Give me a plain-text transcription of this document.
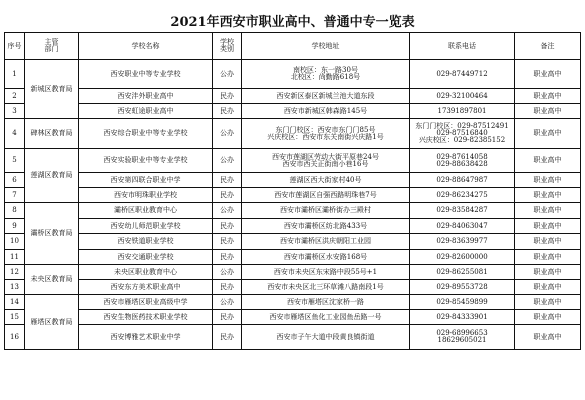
2021年西安市职业高中、普通中专一览表
序号	主管
部门	学校名称	学校
类别	学校地址	联系电话	备注
1	新城区教育局	西安职业中等专业学校	公办	南校区：东一路30号
北校区：尚勤路618号	029-87449712	职业高中
2		西安沣外职业高中	民办	西安新区泰区新城兰池大道东段	029-32100464	职业高中
3		西安虹途职业高中	民办	西安市新城区韩森路145号	17391897801	职业高中
4	碑林区教育局	西安综合职业中等专业学校	公办	东门门校区：西安市东门门85号
兴庆校区：西安市东关南街兴庆路1号	东门门校区：029-87512491
029-87516840
兴庆校区：029-82385152	职业高中
5	莲湖区教育局	西安实验职业中等专业学校	公办	西安市莲湖区劳动大街平原巷24号
西安市西关正街南小巷16号	029-87614058
029-88638428	职业高中
6		西安第四联合职业中学	民办	莲湖区西大街家村40号	029-88647987	职业高中
7		西安市明珠职业学校	民办	西安市莲湖区自强西路明珠巷7号	029-86234275	职业高中
8	灞桥区教育局	灞桥区职业教育中心	公办	西安市灞桥区灞桥街办三殿村	029-83584287	职业高中
9		西安幼儿师范职业学校	民办	西安市灞桥区纺北路433号	029-84063047	职业高中
10		西安铁道职业学校	民办	西安市灞桥区洪庆朝阳工业园	029-83639977	职业高中
11		西安交通职业学校	民办	西安市灞桥区水安路168号	029-82600000	职业高中
12	未央区教育局	未央区职业教育中心	公办	西安市未央区东宋路中段55号+1	029-86255081	职业高中
13		西安东方美术职业高中	民办	西安市未央区北三环草滩八路南段1号	029-89553728	职业高中
14	雁塔区教育局	西安市雁塔区职业高级中学	公办	西安市雁塔区沈家桥一路	029-85459899	职业高中
15		西安生物医药技术职业学校	民办	西安市雁塔区鱼化工业园鱼岳路一号	029-84333901	职业高中
16		西安博雅艺术职业中学	民办	西安市子午大道中段黄良镇街道	029-68996653
18629605021	职业高中
